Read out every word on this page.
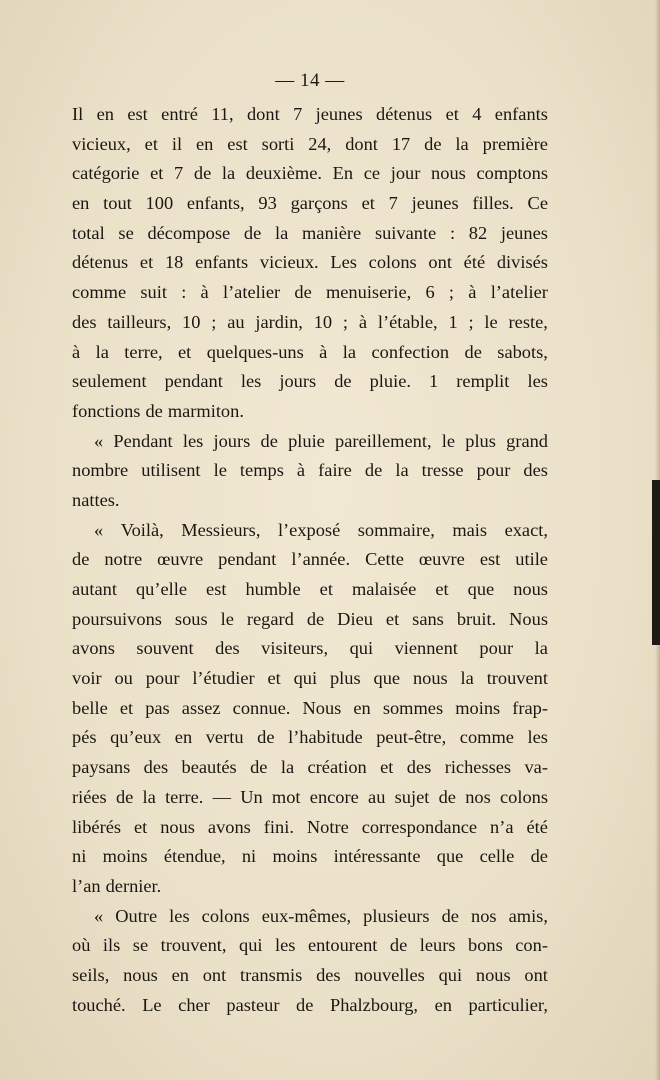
— 14 —
Il en est entré 11, dont 7 jeunes détenus et 4 enfants
vicieux, et il en est sorti 24, dont 17 de la première
catégorie et 7 de la deuxième. En ce jour nous comptons
en tout 100 enfants, 93 garçons et 7 jeunes filles. Ce
total se décompose de la manière suivante : 82 jeunes
détenus et 18 enfants vicieux. Les colons ont été divisés
comme suit : à l’atelier de menuiserie, 6 ; à l’atelier
des tailleurs, 10 ; au jardin, 10 ; à l’étable, 1 ; le reste,
à la terre, et quelques-uns à la confection de sabots,
seulement pendant les jours de pluie. 1 remplit les
fonctions de marmiton.
« Pendant les jours de pluie pareillement, le plus grand
nombre utilisent le temps à faire de la tresse pour des
nattes.
« Voilà, Messieurs, l’exposé sommaire, mais exact,
de notre œuvre pendant l’année. Cette œuvre est utile
autant qu’elle est humble et malaisée et que nous
poursuivons sous le regard de Dieu et sans bruit. Nous
avons souvent des visiteurs, qui viennent pour la
voir ou pour l’étudier et qui plus que nous la trouvent
belle et pas assez connue. Nous en sommes moins frap-
pés qu’eux en vertu de l’habitude peut-être, comme les
paysans des beautés de la création et des richesses va-
riées de la terre. — Un mot encore au sujet de nos colons
libérés et nous avons fini. Notre correspondance n’a été
ni moins étendue, ni moins intéressante que celle de
l’an dernier.
« Outre les colons eux-mêmes, plusieurs de nos amis,
où ils se trouvent, qui les entourent de leurs bons con-
seils, nous en ont transmis des nouvelles qui nous ont
touché. Le cher pasteur de Phalzbourg, en particulier,
